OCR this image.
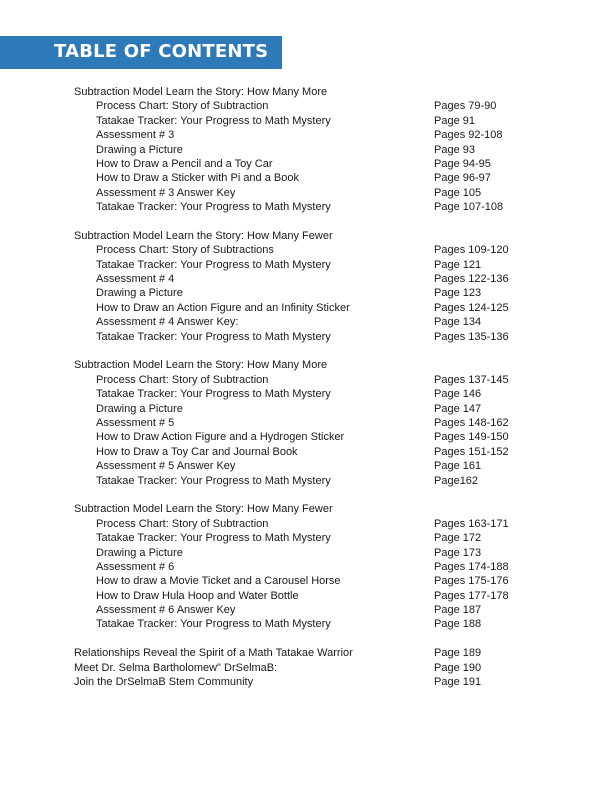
TABLE OF CONTENTS
Subtraction Model Learn the Story: How Many More
Process Chart: Story of Subtraction	Pages 79-90
Tatakae Tracker: Your Progress to Math Mystery	Page 91
Assessment # 3	Pages 92-108
Drawing a Picture	Page 93
How to Draw a Pencil and a Toy Car	Page 94-95
How to Draw a Sticker with Pi and a Book	Page 96-97
Assessment # 3 Answer Key	Page 105
Tatakae Tracker: Your Progress to Math Mystery	Page 107-108
Subtraction Model Learn the Story: How Many Fewer
Process Chart: Story of Subtractions	Pages 109-120
Tatakae Tracker: Your Progress to Math Mystery	Page 121
Assessment # 4	Pages 122-136
Drawing a Picture	Page 123
How to Draw an Action Figure and an Infinity Sticker	Pages 124-125
Assessment # 4 Answer Key:	Page 134
Tatakae Tracker: Your Progress to Math Mystery	Pages 135-136
Subtraction Model Learn the Story: How Many More
Process Chart: Story of Subtraction	Pages 137-145
Tatakae Tracker: Your Progress to Math Mystery	Page 146
Drawing a Picture	Page 147
Assessment # 5	Pages 148-162
How to Draw Action Figure and a Hydrogen Sticker	Pages 149-150
How to Draw a Toy Car and Journal Book	Pages 151-152
Assessment # 5 Answer Key	Page 161
Tatakae Tracker: Your Progress to Math Mystery	Page162
Subtraction Model Learn the Story: How Many Fewer
Process Chart: Story of Subtraction	Pages 163-171
Tatakae Tracker: Your Progress to Math Mystery	Page 172
Drawing a Picture	Page 173
Assessment # 6	Pages 174-188
How to draw a Movie Ticket and a Carousel Horse	Pages 175-176
How to Draw Hula Hoop and Water Bottle	Pages 177-178
Assessment # 6 Answer Key	Page 187
Tatakae Tracker: Your Progress to Math Mystery	Page 188
Relationships Reveal the Spirit of a Math Tatakae Warrior	Page 189
Meet Dr. Selma Bartholomew" DrSelmaB:	Page 190
Join the DrSelmaB Stem Community	Page 191
